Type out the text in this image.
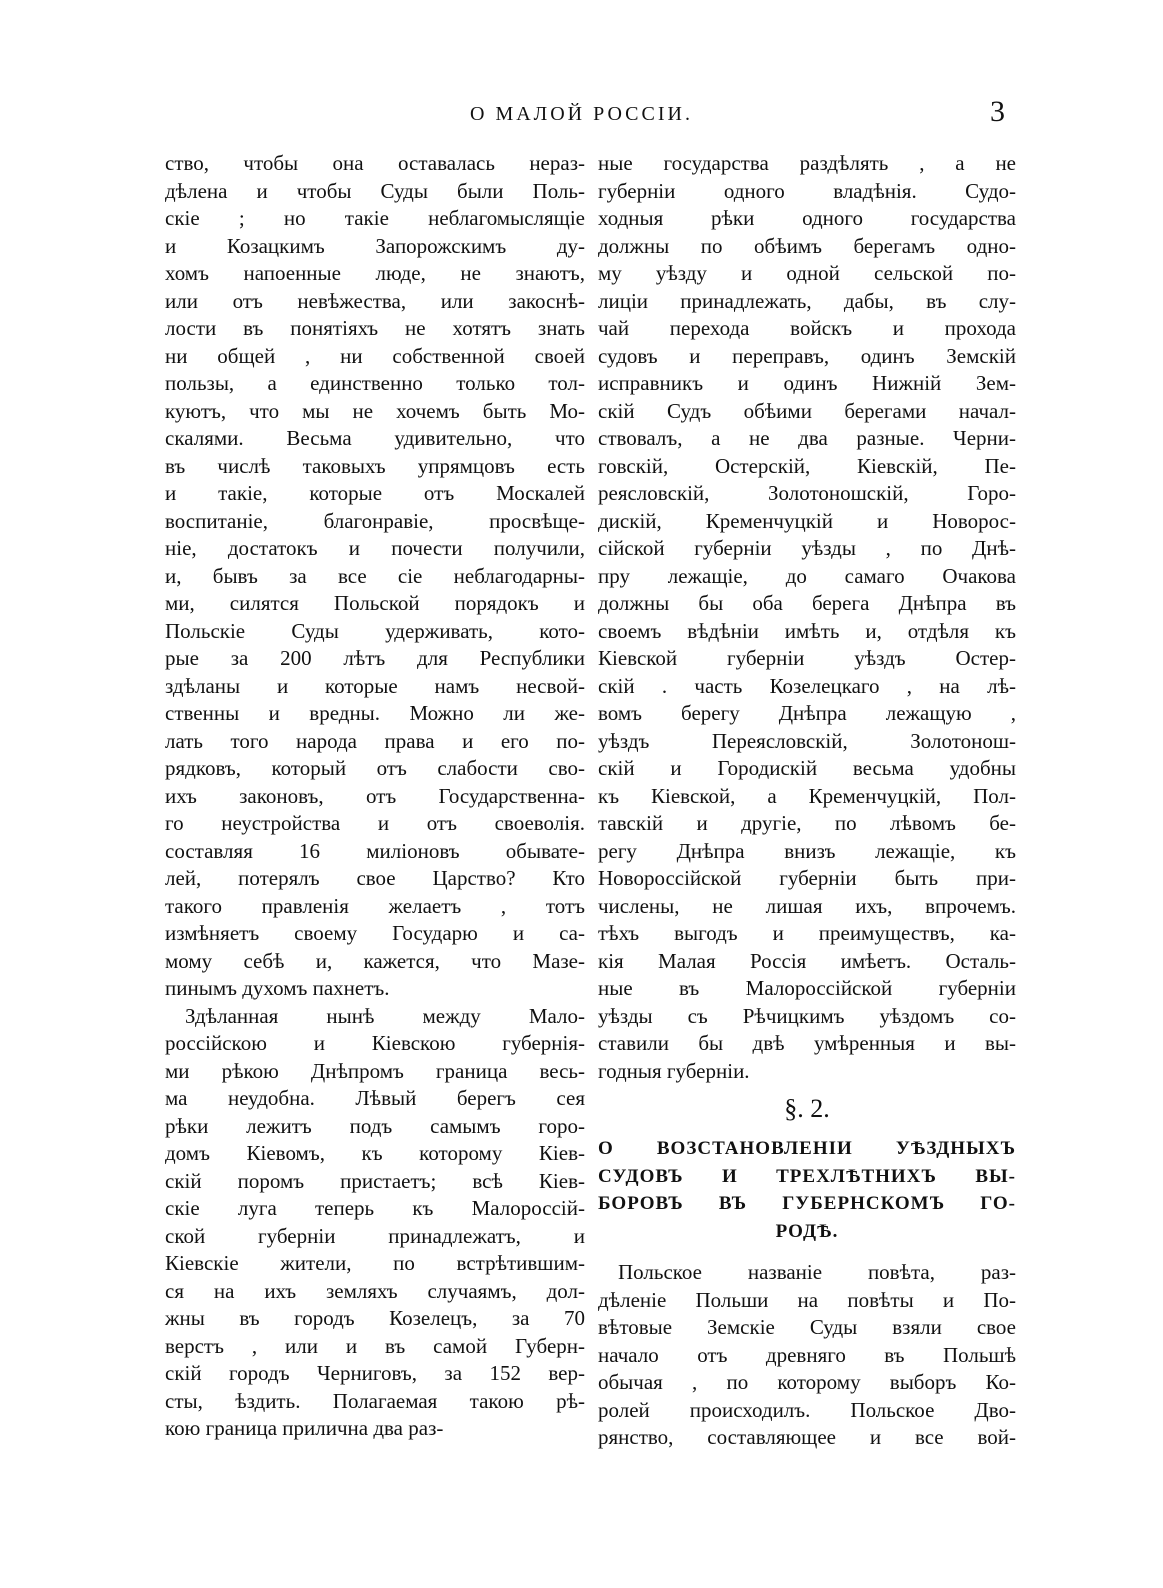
О МАЛОЙ РОССІИ.	3
ство, чтобы она оставалась нераз-
дѣлена и чтобы Суды были Поль-
скіе ; но такіе неблагомыслящіе
и Козацкимъ Запорожскимъ ду-
хомъ напоенные люде, не знаютъ,
или отъ невѣжества, или закоснѣ-
лости въ понятіяхъ не хотятъ знать
ни общей , ни собственной своей
пользы, а единственно только тол-
куютъ, что мы не хочемъ быть Мо-
скалями. Весьма удивительно, что
въ числѣ таковыхъ упрямцовъ есть
и такіе, которые отъ Москалей
воспитаніе, благонравіе, просвѣще-
ніе, достатокъ и почести получили,
и, бывъ за все сіе неблагодарны-
ми, силятся Польской порядокъ и
Польскіе Суды удерживать, кото-
рые за 200 лѣтъ для Республики
здѣланы и которые намъ несвой-
ственны и вредны. Можно ли же-
лать того народа права и его по-
рядковъ, который отъ слабости сво-
ихъ законовъ, отъ Государственна-
го неустройства и отъ своеволія.
составляя 16 миліоновъ обывате-
лей, потерялъ свое Царство? Кто
такого правленія желаетъ , тотъ
измѣняетъ своему Государю и са-
мому себѣ и, кажется, что Мазе-
пинымъ духомъ пахнетъ.
Здѣланная нынѣ между Мало-
россійскою и Кіевскою губернія-
ми рѣкою Днѣпромъ граница весь-
ма неудобна. Лѣвый берегъ сея
рѣки лежитъ подъ самымъ горо-
домъ Кіевомъ, къ которому Кіев-
скій поромъ пристаетъ; всѣ Кіев-
скіе луга теперь къ Малороссій-
ской губерніи принадлежатъ, и
Кіевскіе жители, по встрѣтившим-
ся на ихъ земляхъ случаямъ, дол-
жны въ городъ Козелецъ, за 70
верстъ , или и въ самой Губерн-
скій городъ Черниговъ, за 152 вер-
сты, ѣздить. Полагаемая такою рѣ-
кою граница прилична два раз-
ные государства раздѣлять , а не
губерніи одного владѣнія. Судо-
ходныя рѣки одного государства
должны по обѣимъ берегамъ одно-
му уѣзду и одной сельской по-
лиціи принадлежать, дабы, въ слу-
чай перехода войскъ и прохода
судовъ и переправъ, одинъ Земскій
исправникъ и одинъ Нижній Зем-
скій Судъ обѣими берегами начал-
ствовалъ, а не два разные. Черни-
говскій, Остерскій, Кіевскій, Пе-
реясловскій, Золотоношскій, Горо-
дискій, Кременчуцкій и Новорос-
сійской губерніи уѣзды , по Днѣ-
пру лежащіе, до самаго Очакова
должны бы оба берега Днѣпра въ
своемъ вѣдѣніи имѣть и, отдѣля къ
Кіевской губерніи уѣздъ Остер-
скій . часть Козелецкаго , на лѣ-
вомъ берегу Днѣпра лежащую ,
уѣздъ Переясловскій, Золотонош-
скій и Городискій весьма удобны
къ Кіевской, а Кременчуцкій, Пол-
тавскій и другіе, по лѣвомъ бе-
регу Днѣпра внизъ лежащіе, къ
Новороссійской губерніи быть при-
числены, не лишая ихъ, впрочемъ.
тѣхъ выгодъ и преимуществъ, ка-
кія Малая Россія имѣетъ. Осталь-
ные въ Малороссійской губерніи
уѣзды съ Рѣчицкимъ уѣздомъ со-
ставили бы двѣ умѣренныя и вы-
годныя губерніи.
§. 2.
О ВОЗСТАНОВЛЕНІИ УѢЗДНЫХЪ
СУДОВЪ И ТРЕХЛѢТНИХЪ ВЫ-
БОРОВЪ ВЪ ГУБЕРНСКОМЪ ГО-
РОДѢ.
Польское названіе повѣта, раз-
дѣленіе Польши на повѣты и По-
вѣтовые Земскіе Суды взяли свое
начало отъ древняго въ Польшѣ
обычая , по которому выборъ Ко-
ролей происходилъ. Польское Дво-
рянство, составляющее и все вой-
